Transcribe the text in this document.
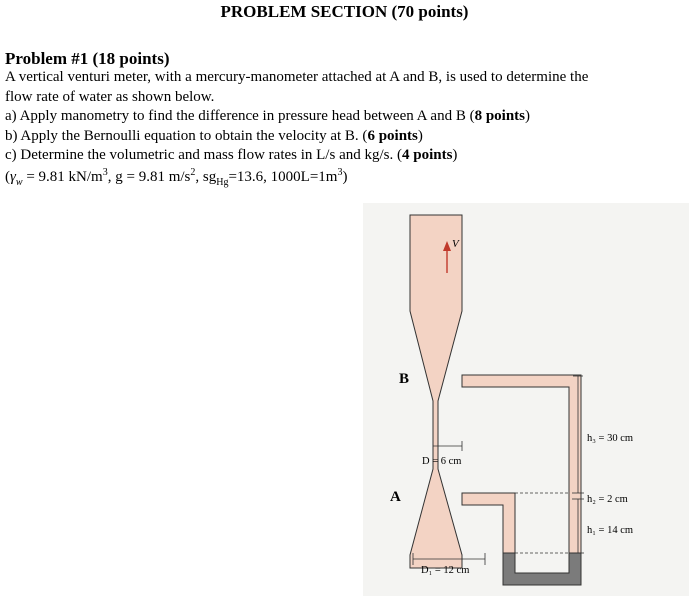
PROBLEM SECTION (70 points)
Problem #1 (18 points)
A vertical venturi meter, with a mercury-manometer attached at A and B, is used to determine the
flow rate of water as shown below.
a) Apply manometry to find the difference in pressure head between A and B (8 points)
b) Apply the Bernoulli equation to obtain the velocity at B. (6 points)
c) Determine the volumetric and mass flow rates in L/s and kg/s. (4 points)
($\gamma_w = 9.81$ $kN/m^3$, g = 9.81 $m/s^2$, $sg_{Hg}=13.6$, $1000L=1m^3$)
V
B
A
D = 6 cm
D₁ = 12 cm
h₃ = 30 cm
h₂ = 2 cm
h₁ = 14 cm
